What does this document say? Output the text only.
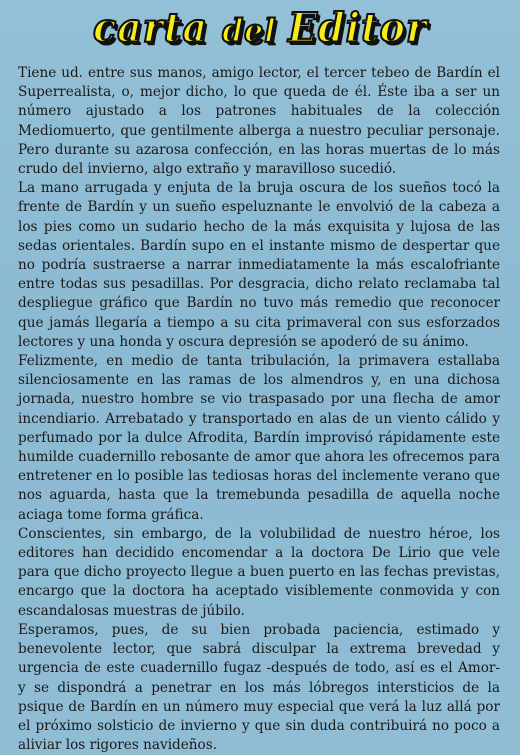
carta del Editor

Tiene ud. entre sus manos, amigo lector, el tercer tebeo de Bardín el Superrealista, o, mejor dicho, lo que queda de él. Éste iba a ser un número ajustado a los patrones habituales de la colección Mediomuerto, que gentilmente alberga a nuestro peculiar personaje. Pero durante su azarosa confección, en las horas muertas de lo más crudo del invierno, algo extraño y maravilloso sucedió.

La mano arrugada y enjuta de la bruja oscura de los sueños tocó la frente de Bardín y un sueño espeluznante le envolvió de la cabeza a los pies como un sudario hecho de la más exquisita y lujosa de las sedas orientales. Bardín supo en el instante mismo de despertar que no podría sustraerse a narrar inmediatamente la más escalofriante entre todas sus pesadillas. Por desgracia, dicho relato reclamaba tal despliegue gráfico que Bardín no tuvo más remedio que reconocer que jamás llegaría a tiempo a su cita primaveral con sus esforzados lectores y una honda y oscura depresión se apoderó de su ánimo.

Felizmente, en medio de tanta tribulación, la primavera estallaba silenciosamente en las ramas de los almendros y, en una dichosa jornada, nuestro hombre se vio traspasado por una flecha de amor incendiario. Arrebatado y transportado en alas de un viento cálido y perfumado por la dulce Afrodita, Bardín improvisó rápidamente este humilde cuadernillo rebosante de amor que ahora les ofrecemos para entretener en lo posible las tediosas horas del inclemente verano que nos aguarda, hasta que la tremebunda pesadilla de aquella noche aciaga tome forma gráfica.

Conscientes, sin embargo, de la volubilidad de nuestro héroe, los editores han decidido encomendar a la doctora De Lirio que vele para que dicho proyecto llegue a buen puerto en las fechas previstas, encargo que la doctora ha aceptado visiblemente conmovida y con escandalosas muestras de júbilo.

Esperamos, pues, de su bien probada paciencia, estimado y benevolente lector, que sabrá disculpar la extrema brevedad y urgencia de este cuadernillo fugaz -después de todo, así es el Amor- y se dispondrá a penetrar en los más lóbregos intersticios de la psique de Bardín en un número muy especial que verá la luz allá por el próximo solsticio de invierno y que sin duda contribuirá no poco a aliviar los rigores navideños.
